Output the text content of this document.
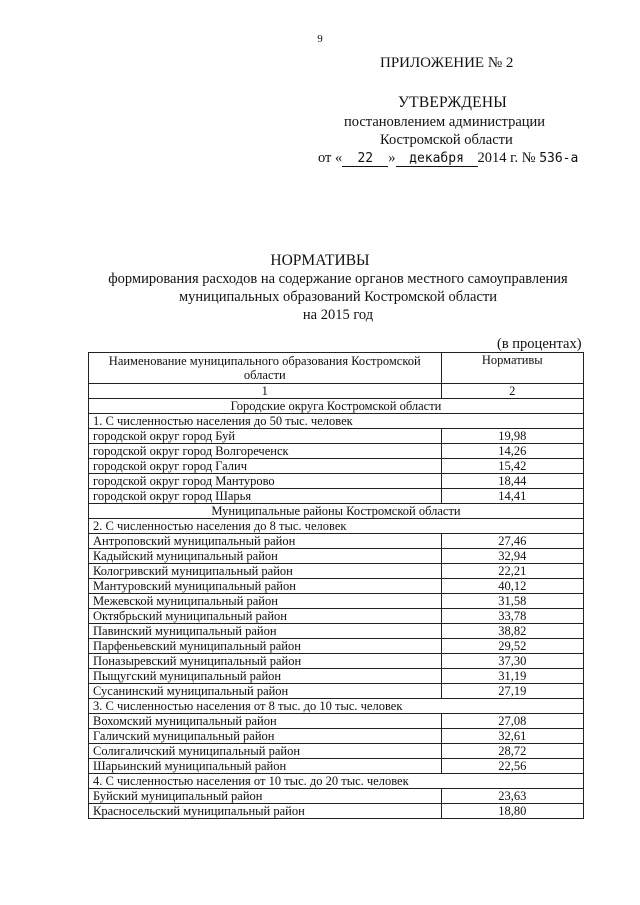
9
ПРИЛОЖЕНИЕ № 2
УТВЕРЖДЕНЫ
постановлением администрации
Костромской области
от « 22 » декабря 2014 г. № 536-а
НОРМАТИВЫ
формирования расходов на содержание органов местного самоуправления
муниципальных образований Костромской области
на 2015 год
(в процентах)
Наименование муниципального образования Костромской области	Нормативы
1	2
Городские округа Костромской области	
1. С численностью населения до 50 тыс. человек	
городской округ город Буй	19,98
городской округ город Волгореченск	14,26
городской округ город Галич	15,42
городской округ город Мантурово	18,44
городской округ город Шарья	14,41
Муниципальные районы Костромской области	
2. С численностью населения до 8 тыс. человек	
Антроповский муниципальный район	27,46
Кадыйский муниципальный район	32,94
Кологривский муниципальный район	22,21
Мантуровский муниципальный район	40,12
Межевской муниципальный район	31,58
Октябрьский муниципальный район	33,78
Павинский муниципальный район	38,82
Парфеньевский муниципальный район	29,52
Поназыревский муниципальный район	37,30
Пыщугский муниципальный район	31,19
Сусанинский муниципальный район	27,19
3. С численностью населения от 8 тыс. до 10 тыс. человек	
Вохомский муниципальный район	27,08
Галичский муниципальный район	32,61
Солигаличский муниципальный район	28,72
Шарьинский муниципальный район	22,56
4. С численностью населения от 10 тыс. до 20 тыс. человек	
Буйский муниципальный район	23,63
Красносельский муниципальный район	18,80
